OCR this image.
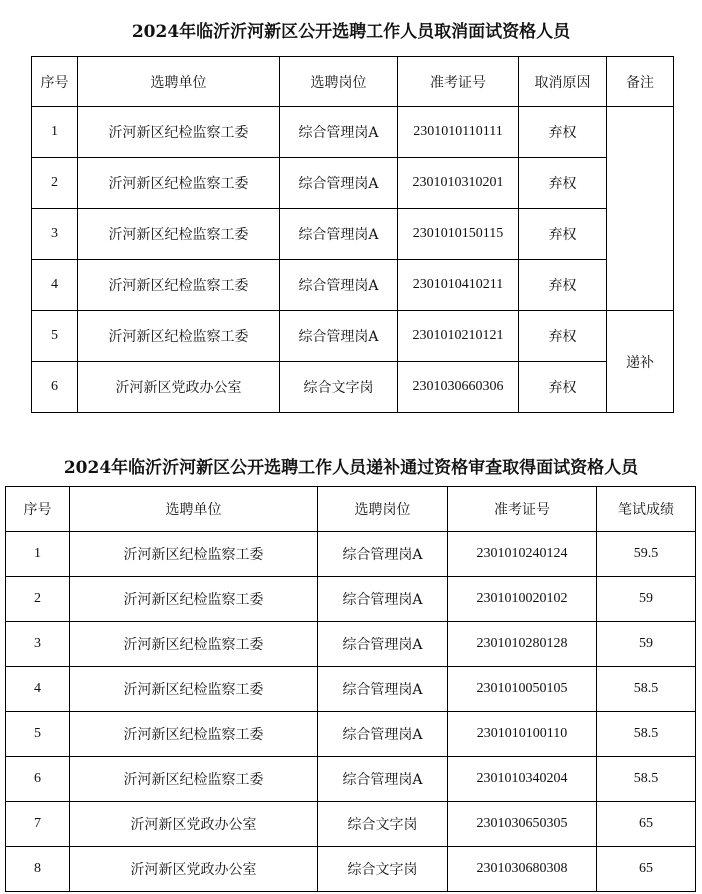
2024年临沂沂河新区公开选聘工作人员取消面试资格人员
序号	选聘单位	选聘岗位	准考证号	取消原因	备注
1	沂河新区纪检监察工委	综合管理岗A	2301010110111	弃权	
2	沂河新区纪检监察工委	综合管理岗A	2301010310201	弃权	
3	沂河新区纪检监察工委	综合管理岗A	2301010150115	弃权	
4	沂河新区纪检监察工委	综合管理岗A	2301010410211	弃权	
5	沂河新区纪检监察工委	综合管理岗A	2301010210121	弃权	递补
6	沂河新区党政办公室	综合文字岗	2301030660306	弃权	
2024年临沂沂河新区公开选聘工作人员递补通过资格审查取得面试资格人员
序号	选聘单位	选聘岗位	准考证号	笔试成绩
1	沂河新区纪检监察工委	综合管理岗A	2301010240124	59.5
2	沂河新区纪检监察工委	综合管理岗A	2301010020102	59
3	沂河新区纪检监察工委	综合管理岗A	2301010280128	59
4	沂河新区纪检监察工委	综合管理岗A	2301010050105	58.5
5	沂河新区纪检监察工委	综合管理岗A	2301010100110	58.5
6	沂河新区纪检监察工委	综合管理岗A	2301010340204	58.5
7	沂河新区党政办公室	综合文字岗	2301030650305	65
8	沂河新区党政办公室	综合文字岗	2301030680308	65
